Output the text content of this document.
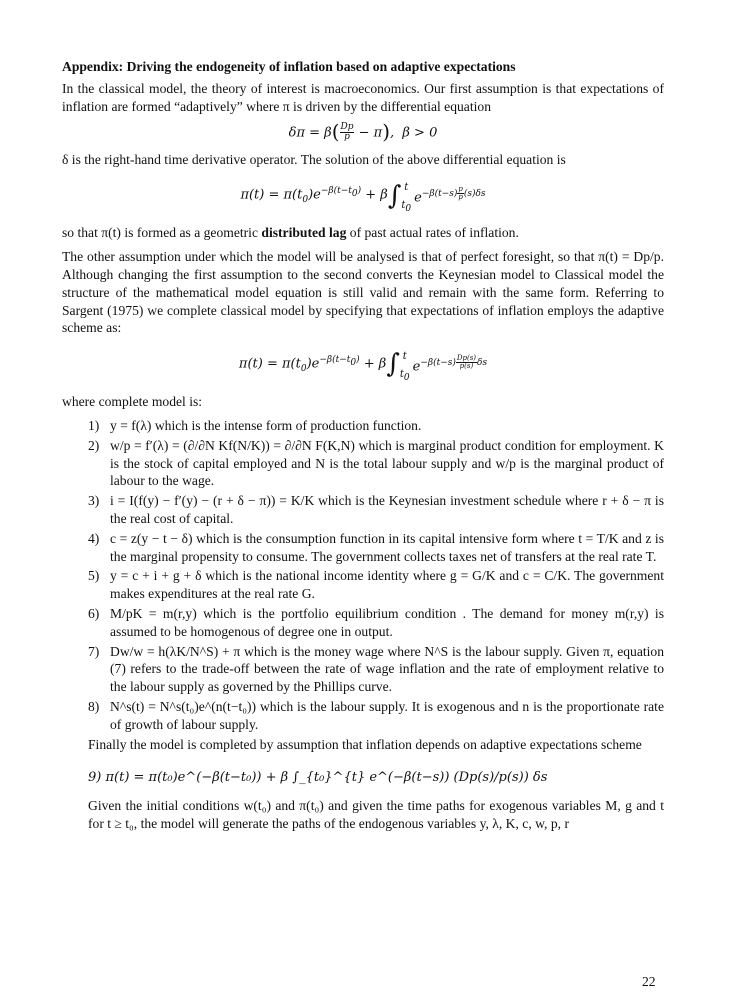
Appendix: Driving the endogeneity of inflation based on adaptive expectations

In the classical model, the theory of interest is macroeconomics. Our first assumption is that expectations of inflation are formed “adaptively” where π is driven by the differential equation

$\delta\pi = \beta( \frac{Dp}{p} - \pi)$,  β > 0

δ is the right-hand time derivative operator. The solution of the above differential equation is

$\pi(t) = \pi(t_0)e^{-\beta(t-t_0)} + \beta$ ∫ t
$t_0$
$e^{-\beta(t-s) \frac{p}{p} (s)\delta s}$

so that π(t) is formed as a geometric distributed lag of past actual rates of inflation.

The other assumption under which the model will be analysed is that of perfect foresight, so that π(t) = Dp/p. Although changing the first assumption to the second converts the Keynesian model to Classical model the structure of the mathematical model equation is still valid and remain with the same form. Referring to Sargent (1975) we complete classical model by specifying that expectations of inflation employs the adaptive scheme as:

$\pi(t) = \pi(t_0)e^{-\beta(t-t_0)} + \beta$ ∫ t
$t_0$
$e^{-\beta(t-s) \frac{Dp(s)}{p(s)} \delta s}$

where complete model is:

1) y = f(λ) which is the intense form of production function.
2) w/p = f′(λ) = (∂/∂N Kf(N/K)) = ∂/∂N F(K,N) which is marginal product condition for employment. K is the stock of capital employed and N is the total labour supply and w/p is the marginal product of labour to the wage.
3) i = I(f(y) − f′(y) − (r + δ − π)) = K/K which is the Keynesian investment schedule where r + δ − π is the real cost of capital.
4) c = z(y − t − δ) which is the consumption function in its capital intensive form where t = T/K and z is the marginal propensity to consume. The government collects taxes net of transfers at the real rate T.
5) y = c + i + g + δ which is the national income identity where g = G/K and c = C/K. The government makes expenditures at the real rate G.
6) M/pK = m(r,y) which is the portfolio equilibrium condition . The demand for money m(r,y) is assumed to be homogenous of degree one in output.
7) Dw/w = h(λK/N^S) + π which is the money wage where N^S is the labour supply. Given π, equation (7) refers to the trade-off between the rate of wage inflation and the rate of employment relative to the labour supply as governed by the Phillips curve.
8) N^s(t) = N^s(t₀)e^(n(t−t₀)) which is the labour supply. It is exogenous and n is the proportionate rate of growth of labour supply.

Finally the model is completed by assumption that inflation depends on adaptive expectations scheme

9) π(t) = π(t₀)e^(−β(t−t₀)) + β ∫_{t₀}^{t} e^(−β(t−s)) (Dp(s)/p(s)) δs

Given the initial conditions w(t₀) and π(t₀) and given the time paths for exogenous variables M, g and t for t ≥ t₀, the model will generate the paths of the endogenous variables y, λ, K, c, w, p, r

22
